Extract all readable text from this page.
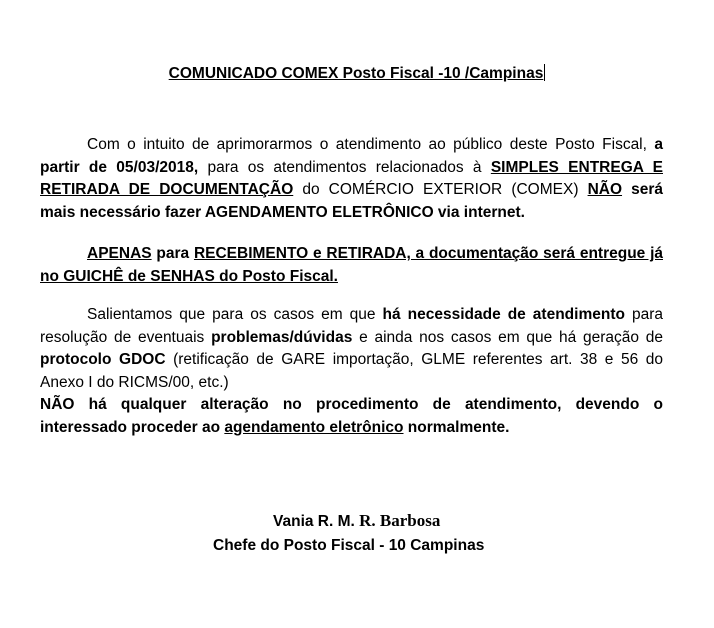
COMUNICADO COMEX Posto Fiscal -10 /Campinas

Com o intuito de aprimorarmos o atendimento ao público deste Posto Fiscal, a partir de 05/03/2018, para os atendimentos relacionados à SIMPLES ENTREGA E RETIRADA DE DOCUMENTAÇÃO do COMÉRCIO EXTERIOR (COMEX) NÃO será mais necessário fazer AGENDAMENTO ELETRÔNICO via internet.

APENAS para RECEBIMENTO e RETIRADA, a documentação será entregue já no GUICHÊ de SENHAS do Posto Fiscal.

Salientamos que para os casos em que há necessidade de atendimento para resolução de eventuais problemas/dúvidas e ainda nos casos em que há geração de protocolo GDOC (retificação de GARE importação, GLME referentes art. 38 e 56 do Anexo I do RICMS/00, etc.)

NÃO há qualquer alteração no procedimento de atendimento, devendo o interessado proceder ao agendamento eletrônico normalmente.

Vania R. M. R. Barbosa
Chefe do Posto Fiscal - 10 Campinas
